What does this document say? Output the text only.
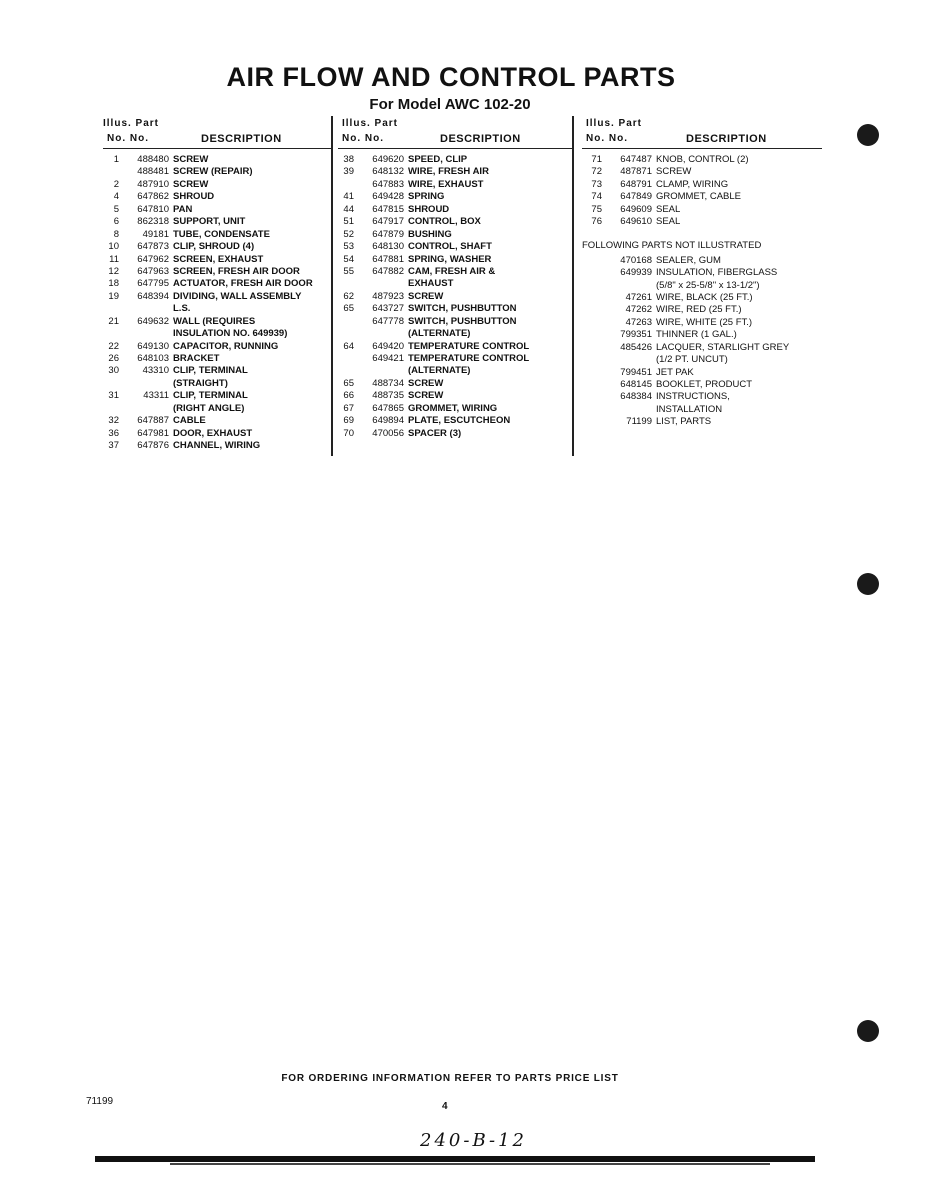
AIR FLOW AND CONTROL PARTS
For Model AWC 102-20
Illus. Part
No. No.	DESCRIPTION
1	488480 SCREW
488481 SCREW (REPAIR)
2	487910 SCREW
4	647862 SHROUD
5	647810 PAN
6	862318 SUPPORT, UNIT
8	49181 TUBE, CONDENSATE
10	647873 CLIP, SHROUD (4)
11	647962 SCREEN, EXHAUST
12	647963 SCREEN, FRESH AIR DOOR
18	647795 ACTUATOR, FRESH AIR DOOR
19	648394 DIVIDING, WALL ASSEMBLY
L.S.
21	649632 WALL (REQUIRES
INSULATION NO. 649939)
22	649130 CAPACITOR, RUNNING
26	648103 BRACKET
30	43310 CLIP, TERMINAL
(STRAIGHT)
31	43311 CLIP, TERMINAL
(RIGHT ANGLE)
32	647887 CABLE
36	647981 DOOR, EXHAUST
37	647876 CHANNEL, WIRING
Illus. Part
No. No.	DESCRIPTION
38	649620 SPEED, CLIP
39	648132 WIRE, FRESH AIR
647883 WIRE, EXHAUST
41	649428 SPRING
44	647815 SHROUD
51	647917 CONTROL, BOX
52	647879 BUSHING
53	648130 CONTROL, SHAFT
54	647881 SPRING, WASHER
55	647882 CAM, FRESH AIR &
EXHAUST
62	487923 SCREW
65	643727 SWITCH, PUSHBUTTON
647778 SWITCH, PUSHBUTTON
(ALTERNATE)
64	649420 TEMPERATURE CONTROL
649421 TEMPERATURE CONTROL
(ALTERNATE)
65	488734 SCREW
66	488735 SCREW
67	647865 GROMMET, WIRING
69	649894 PLATE, ESCUTCHEON
70	470056 SPACER (3)
Illus. Part
No. No.	DESCRIPTION
71	647487 KNOB, CONTROL (2)
72	487871 SCREW
73	648791 CLAMP, WIRING
74	647849 GROMMET, CABLE
75	649609 SEAL
76	649610 SEAL
FOLLOWING PARTS NOT ILLUSTRATED
470168 SEALER, GUM
649939 INSULATION, FIBERGLASS
(5/8" x 25-5/8" x 13-1/2")
47261 WIRE, BLACK (25 FT.)
47262 WIRE, RED (25 FT.)
47263 WIRE, WHITE (25 FT.)
799351 THINNER (1 GAL.)
485426 LACQUER, STARLIGHT GREY
(1/2 PT. UNCUT)
799451 JET PAK
648145 BOOKLET, PRODUCT
648384 INSTRUCTIONS,
INSTALLATION
71199 LIST, PARTS
FOR ORDERING INFORMATION REFER TO PARTS PRICE LIST
71199	4
240-B-12
